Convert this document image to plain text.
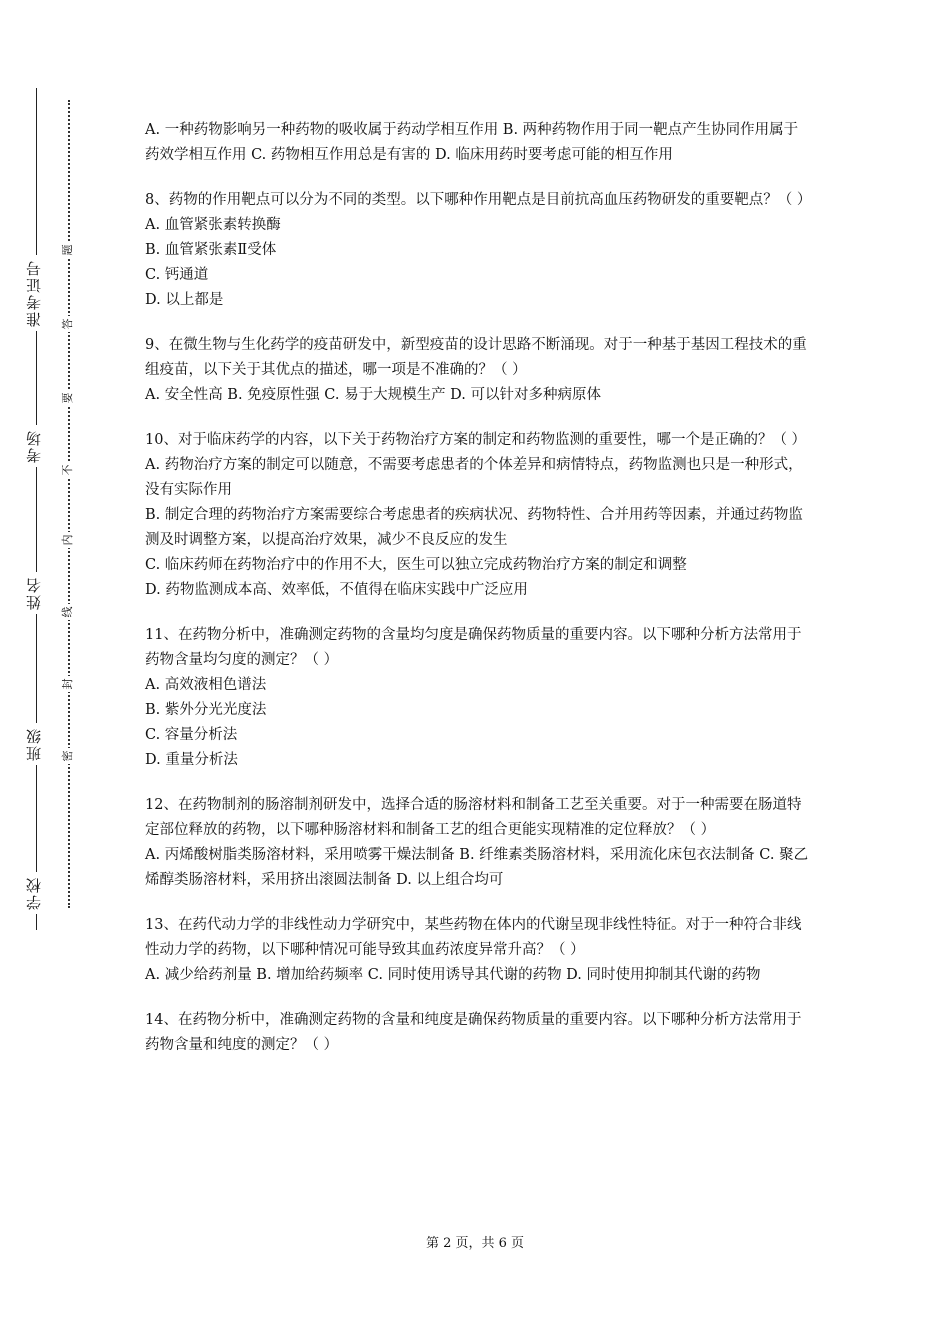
准考证号
考场
姓名
班级
学校
题
答
要
不
内
线
封
密
A. 一种药物影响另一种药物的吸收属于药动学相互作用 B. 两种药物作用于同一靶点产生协同作用属于药效学相互作用 C. 药物相互作用总是有害的 D. 临床用药时要考虑可能的相互作用
8、药物的作用靶点可以分为不同的类型。以下哪种作用靶点是目前抗高血压药物研发的重要靶点？（ ）
A. 血管紧张素转换酶
B. 血管紧张素Ⅱ受体
C. 钙通道
D. 以上都是
9、在微生物与生化药学的疫苗研发中，新型疫苗的设计思路不断涌现。对于一种基于基因工程技术的重组疫苗，以下关于其优点的描述，哪一项是不准确的？（ ）
A. 安全性高 B. 免疫原性强 C. 易于大规模生产 D. 可以针对多种病原体
10、对于临床药学的内容，以下关于药物治疗方案的制定和药物监测的重要性，哪一个是正确的？（ ）
A. 药物治疗方案的制定可以随意，不需要考虑患者的个体差异和病情特点，药物监测也只是一种形式，没有实际作用
B. 制定合理的药物治疗方案需要综合考虑患者的疾病状况、药物特性、合并用药等因素，并通过药物监测及时调整方案，以提高治疗效果，减少不良反应的发生
C. 临床药师在药物治疗中的作用不大，医生可以独立完成药物治疗方案的制定和调整
D. 药物监测成本高、效率低，不值得在临床实践中广泛应用
11、在药物分析中，准确测定药物的含量均匀度是确保药物质量的重要内容。以下哪种分析方法常用于药物含量均匀度的测定？（ ）
A. 高效液相色谱法
B. 紫外分光光度法
C. 容量分析法
D. 重量分析法
12、在药物制剂的肠溶制剂研发中，选择合适的肠溶材料和制备工艺至关重要。对于一种需要在肠道特定部位释放的药物，以下哪种肠溶材料和制备工艺的组合更能实现精准的定位释放？（ ）
A. 丙烯酸树脂类肠溶材料，采用喷雾干燥法制备 B. 纤维素类肠溶材料，采用流化床包衣法制备 C. 聚乙烯醇类肠溶材料，采用挤出滚圆法制备 D. 以上组合均可
13、在药代动力学的非线性动力学研究中，某些药物在体内的代谢呈现非线性特征。对于一种符合非线性动力学的药物，以下哪种情况可能导致其血药浓度异常升高？（ ）
A. 减少给药剂量 B. 增加给药频率 C. 同时使用诱导其代谢的药物 D. 同时使用抑制其代谢的药物
14、在药物分析中，准确测定药物的含量和纯度是确保药物质量的重要内容。以下哪种分析方法常用于药物含量和纯度的测定？（ ）
第 2 页，共 6 页
